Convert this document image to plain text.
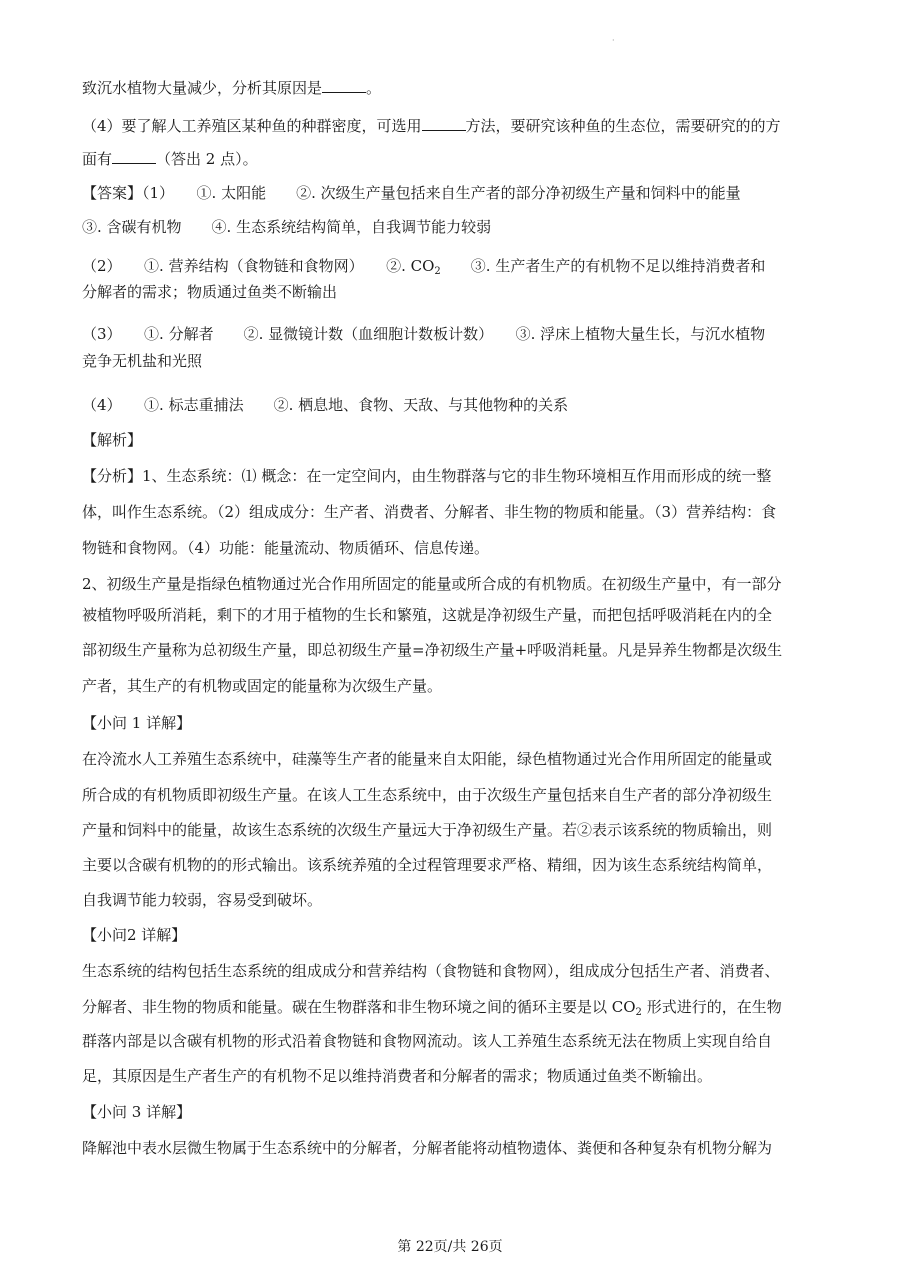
·
致沉水植物大量减少，分析其原因是	。
（4）要了解人工养殖区某种鱼的种群密度，可选用	方法，要研究该种鱼的生态位，需要研究的的方
面有	（答出 2 点）。
【答案】（1）　　①. 太阳能　　②. 次级生产量包括来自生产者的部分净初级生产量和饲料中的能量
③. 含碳有机物　　④. 生态系统结构简单，自我调节能力较弱
（2）　　①. 营养结构（食物链和食物网）　　②. $CO_2$　　③. 生产者生产的有机物不足以维持消费者和
分解者的需求；物质通过鱼类不断输出
（3）　　①. 分解者　　②. 显微镜计数（血细胞计数板计数）　　③. 浮床上植物大量生长，与沉水植物
竞争无机盐和光照
（4）　　①. 标志重捕法　　②. 栖息地、食物、天敌、与其他物种的关系
【解析】
【分析】1、生态系统：⑴ 概念：在一定空间内，由生物群落与它的非生物环境相互作用而形成的统一整
体，叫作生态系统。（2）组成成分：生产者、消费者、分解者、非生物的物质和能量。（3）营养结构：食
物链和食物网。（4）功能：能量流动、物质循环、信息传递。
2、初级生产量是指绿色植物通过光合作用所固定的能量或所合成的有机物质。在初级生产量中，有一部分
被植物呼吸所消耗，剩下的才用于植物的生长和繁殖，这就是净初级生产量，而把包括呼吸消耗在内的全
部初级生产量称为总初级生产量，即总初级生产量=净初级生产量+呼吸消耗量。凡是异养生物都是次级生
产者，其生产的有机物或固定的能量称为次级生产量。
【小问 1 详解】
在冷流水人工养殖生态系统中，硅藻等生产者的能量来自太阳能，绿色植物通过光合作用所固定的能量或
所合成的有机物质即初级生产量。在该人工生态系统中，由于次级生产量包括来自生产者的部分净初级生
产量和饲料中的能量，故该生态系统的次级生产量远大于净初级生产量。若②表示该系统的物质输出，则
主要以含碳有机物的的形式输出。该系统养殖的全过程管理要求严格、精细，因为该生态系统结构简单，
自我调节能力较弱，容易受到破坏。
【小问2 详解】
生态系统的结构包括生态系统的组成成分和营养结构（食物链和食物网），组成成分包括生产者、消费者、
分解者、非生物的物质和能量。碳在生物群落和非生物环境之间的循环主要是以 $CO_2$ 形式进行的，在生物
群落内部是以含碳有机物的形式沿着食物链和食物网流动。该人工养殖生态系统无法在物质上实现自给自
足，其原因是生产者生产的有机物不足以维持消费者和分解者的需求；物质通过鱼类不断输出。
【小问 3 详解】
降解池中表水层微生物属于生态系统中的分解者，分解者能将动植物遗体、粪便和各种复杂有机物分解为
第 22页/共 26页
